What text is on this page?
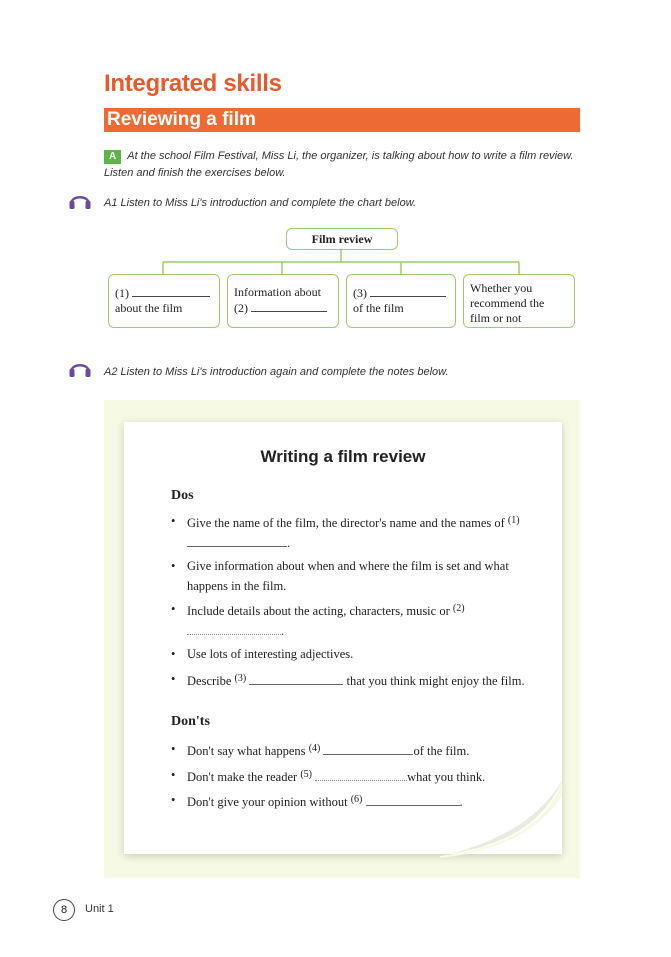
Integrated skills
Reviewing a film
A At the school Film Festival, Miss Li, the organizer, is talking about how to write a film review. Listen and finish the exercises below.
A1 Listen to Miss Li's introduction and complete the chart below.
Film review
(1)
about the film
Information about
(2)
(3)
of the film
Whether you
recommend the
film or not
A2 Listen to Miss Li's introduction again and complete the notes below.
Writing a film review
Dos
• Give the name of the film, the director's name and the names of $^{(1)}$ .
• Give information about when and where the film is set and what happens in the film.
• Include details about the acting, characters, music or $^{(2)}$ .
• Use lots of interesting adjectives.
• Describe $^{(3)}$	that you think might enjoy the film.
Don'ts
• Don't say what happens $^{(4)}$	of the film.
• Don't make the reader $^{(5)}$	what you think.
• Don't give your opinion without $^{(6)}$	.
8	Unit 1
